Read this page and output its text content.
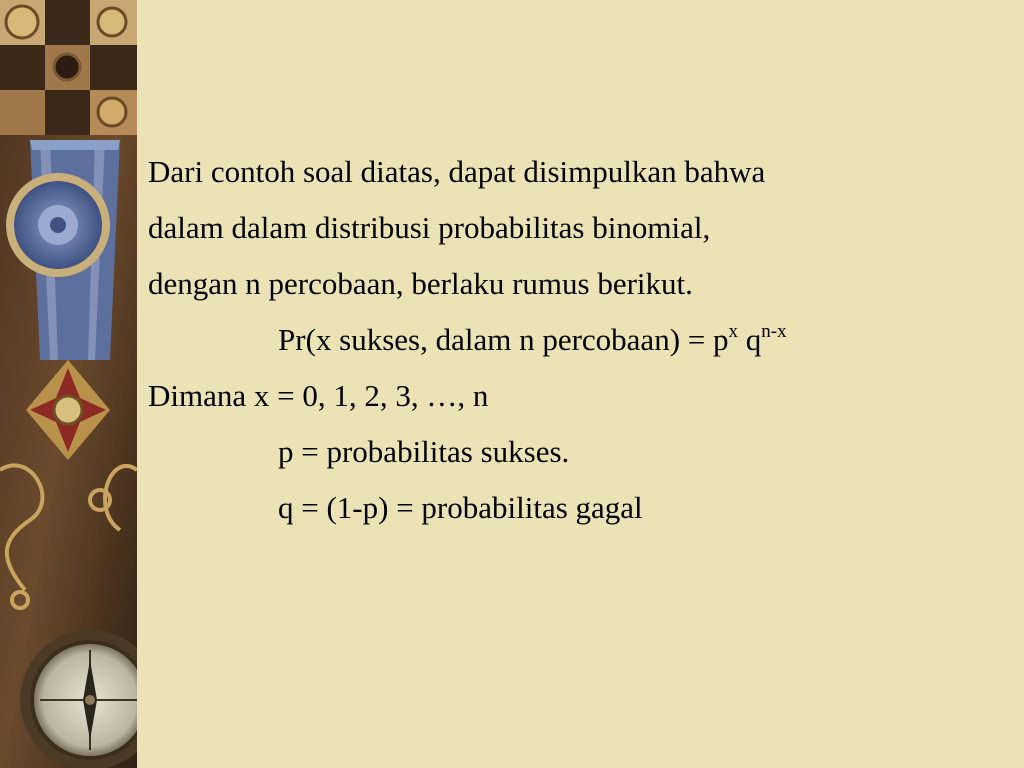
Dari contoh soal diatas, dapat disimpulkan bahwa

dalam dalam distribusi probabilitas binomial,

dengan n percobaan, berlaku rumus berikut.

Pr(x sukses, dalam n percobaan) = $p^x$ $q^{n-x}$

Dimana x = 0, 1, 2, 3, …, n

p = probabilitas sukses.

q = (1-p) = probabilitas gagal
